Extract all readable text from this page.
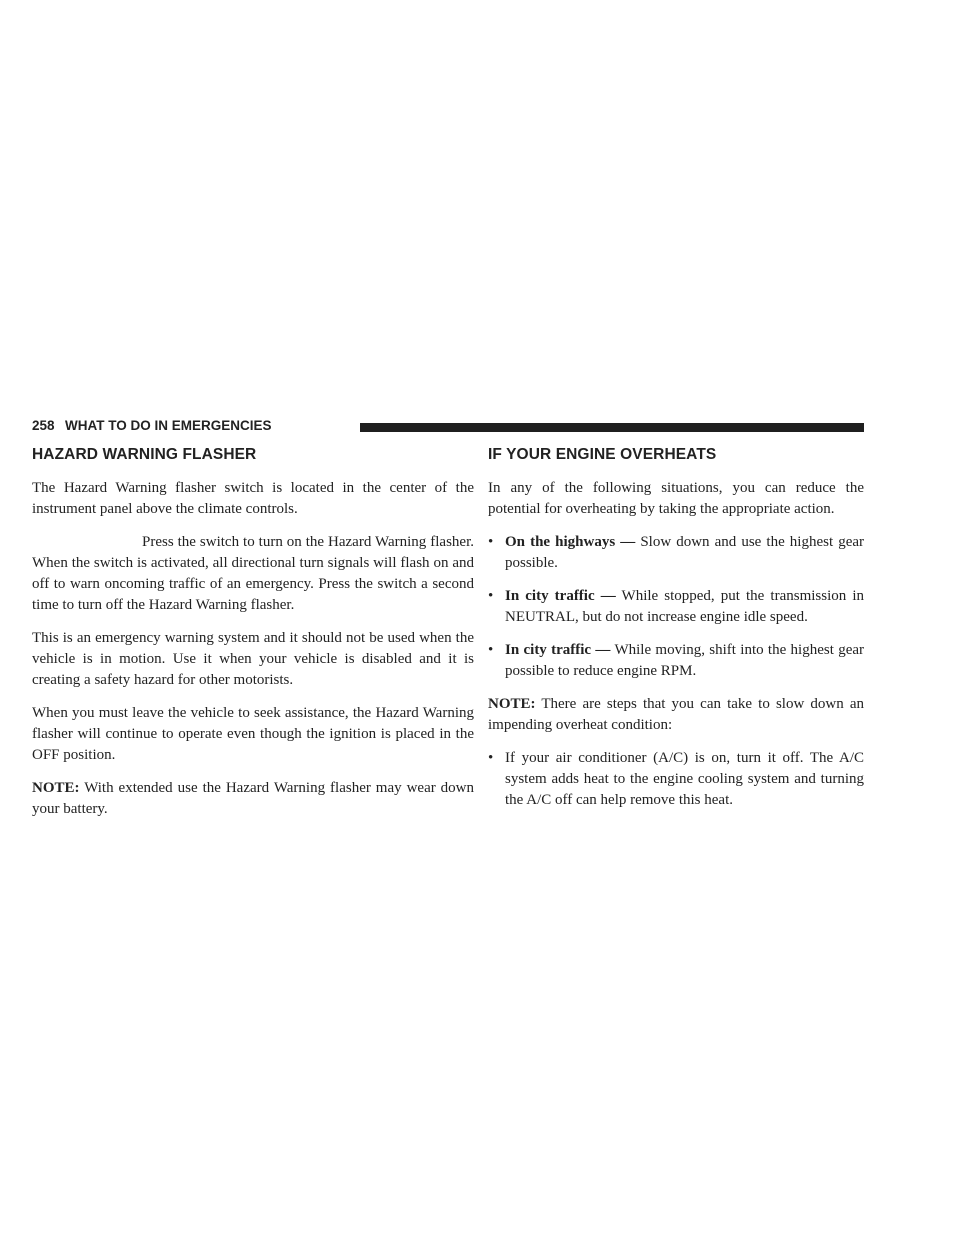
258 WHAT TO DO IN EMERGENCIES
HAZARD WARNING FLASHER

The Hazard Warning flasher switch is located in the center of the instrument panel above the climate controls.

Press the switch to turn on the Hazard Warning flasher. When the switch is activated, all directional turn signals will flash on and off to warn oncoming traffic of an emergency. Press the switch a second time to turn off the Hazard Warning flasher.

This is an emergency warning system and it should not be used when the vehicle is in motion. Use it when your vehicle is disabled and it is creating a safety hazard for other motorists.

When you must leave the vehicle to seek assistance, the Hazard Warning flasher will continue to operate even though the ignition is placed in the OFF position.

NOTE: With extended use the Hazard Warning flasher may wear down your battery.

IF YOUR ENGINE OVERHEATS

In any of the following situations, you can reduce the potential for overheating by taking the appropriate action.

• On the highways — Slow down and use the highest gear possible.
• In city traffic — While stopped, put the transmission in NEUTRAL, but do not increase engine idle speed.
• In city traffic — While moving, shift into the highest gear possible to reduce engine RPM.

NOTE: There are steps that you can take to slow down an impending overheat condition:

• If your air conditioner (A/C) is on, turn it off. The A/C system adds heat to the engine cooling system and turning the A/C off can help remove this heat.
